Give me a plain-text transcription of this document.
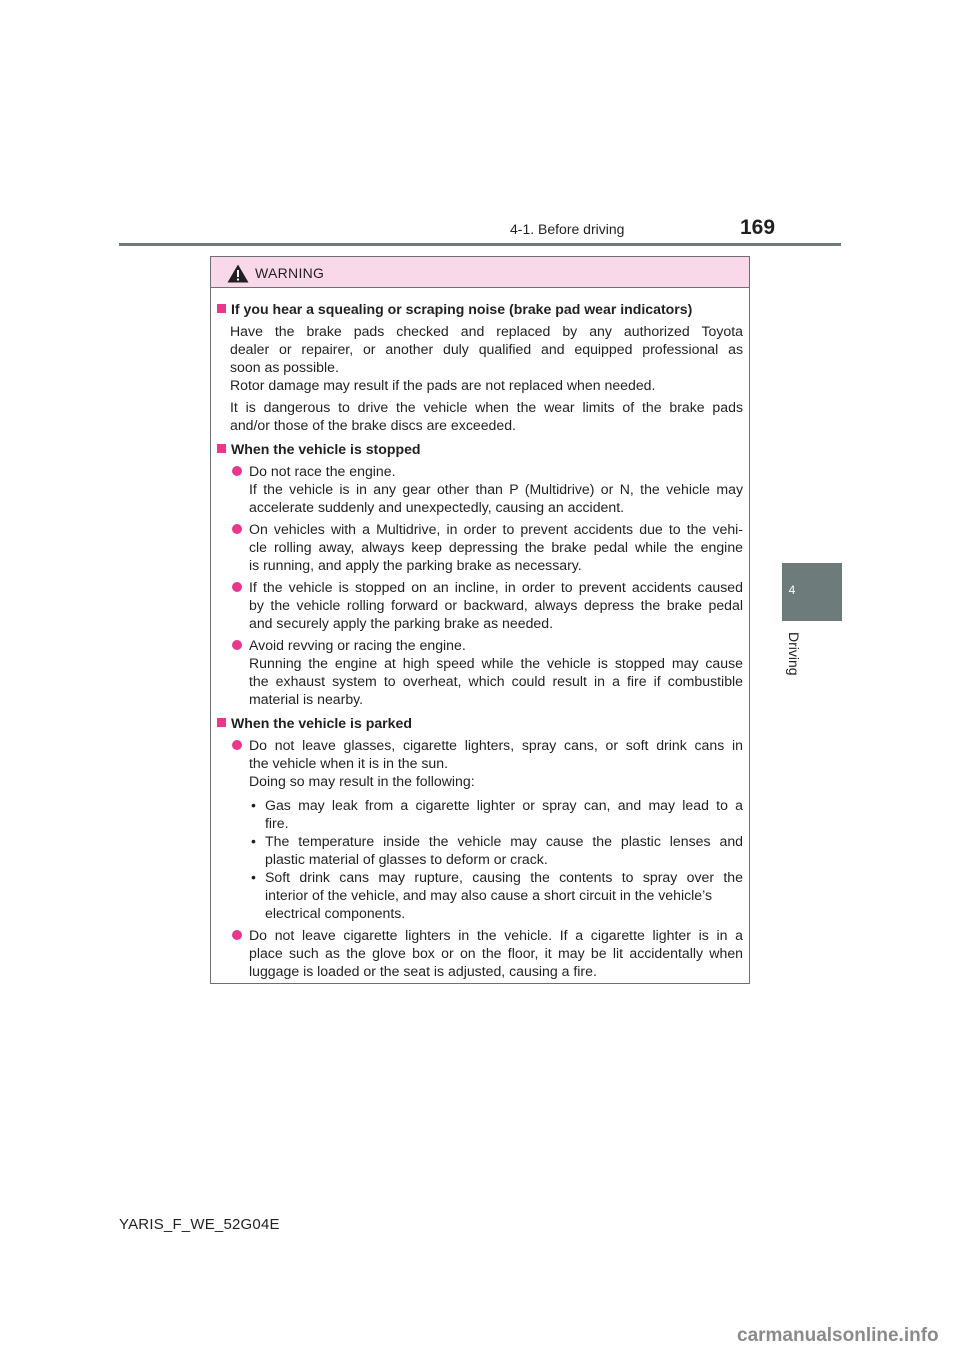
4-1. Before driving	169
4
Driving
WARNING
If you hear a squealing or scraping noise (brake pad wear indicators)
Have the brake pads checked and replaced by any authorized Toyota
dealer or repairer, or another duly qualified and equipped professional as
soon as possible.
Rotor damage may result if the pads are not replaced when needed.
It is dangerous to drive the vehicle when the wear limits of the brake pads
and/or those of the brake discs are exceeded.
When the vehicle is stopped
Do not race the engine.
If the vehicle is in any gear other than P (Multidrive) or N, the vehicle may
accelerate suddenly and unexpectedly, causing an accident.
On vehicles with a Multidrive, in order to prevent accidents due to the vehi-
cle rolling away, always keep depressing the brake pedal while the engine
is running, and apply the parking brake as necessary.
If the vehicle is stopped on an incline, in order to prevent accidents caused
by the vehicle rolling forward or backward, always depress the brake pedal
and securely apply the parking brake as needed.
Avoid revving or racing the engine.
Running the engine at high speed while the vehicle is stopped may cause
the exhaust system to overheat, which could result in a fire if combustible
material is nearby.
When the vehicle is parked
Do not leave glasses, cigarette lighters, spray cans, or soft drink cans in
the vehicle when it is in the sun.
Doing so may result in the following:
• Gas may leak from a cigarette lighter or spray can, and may lead to a
fire.
• The temperature inside the vehicle may cause the plastic lenses and
plastic material of glasses to deform or crack.
• Soft drink cans may rupture, causing the contents to spray over the
interior of the vehicle, and may also cause a short circuit in the vehicle’s
electrical components.
Do not leave cigarette lighters in the vehicle. If a cigarette lighter is in a
place such as the glove box or on the floor, it may be lit accidentally when
luggage is loaded or the seat is adjusted, causing a fire.
YARIS_F_WE_52G04E
carmanualsonline.info
